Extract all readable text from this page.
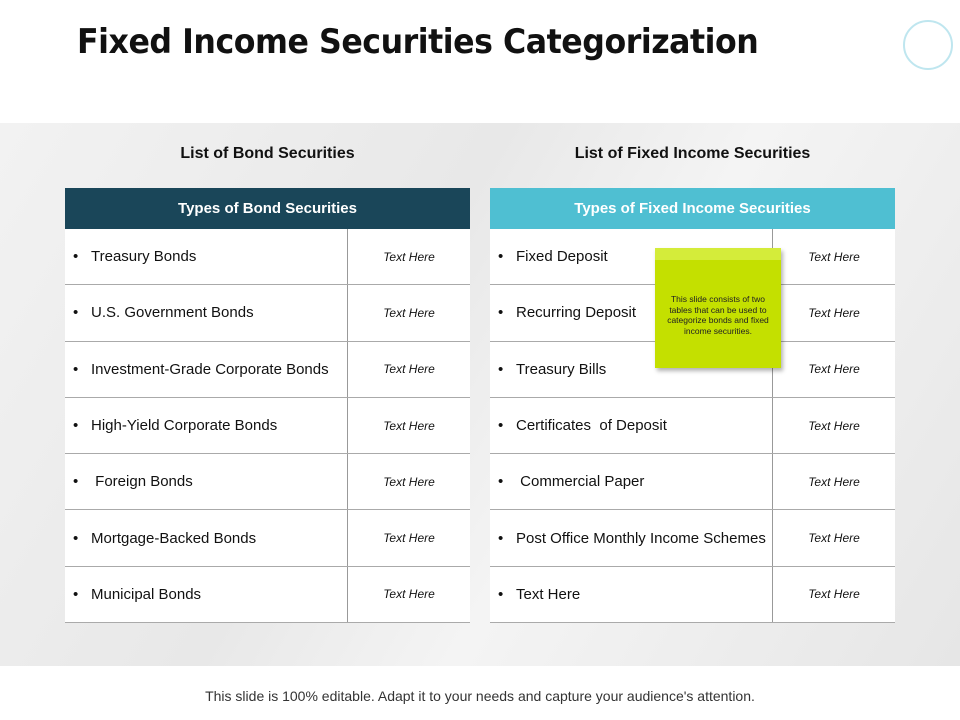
Fixed Income Securities Categorization
List of Bond Securities	List of Fixed Income Securities
Types of Bond Securities
• Treasury Bonds	Text Here
• U.S. Government Bonds	Text Here
• Investment-Grade Corporate Bonds	Text Here
• High-Yield Corporate Bonds	Text Here
• Foreign Bonds	Text Here
• Mortgage-Backed Bonds	Text Here
• Municipal Bonds	Text Here
Types of Fixed Income Securities
• Fixed Deposit	Text Here
• Recurring Deposit	Text Here
• Treasury Bills	Text Here
• Certificates  of Deposit	Text Here
• Commercial Paper	Text Here
• Post Office Monthly Income Schemes	Text Here
• Text Here	Text Here
This slide consists of two tables that can be used to categorize bonds and fixed income securities.
This slide is 100% editable. Adapt it to your needs and capture your audience's attention.
